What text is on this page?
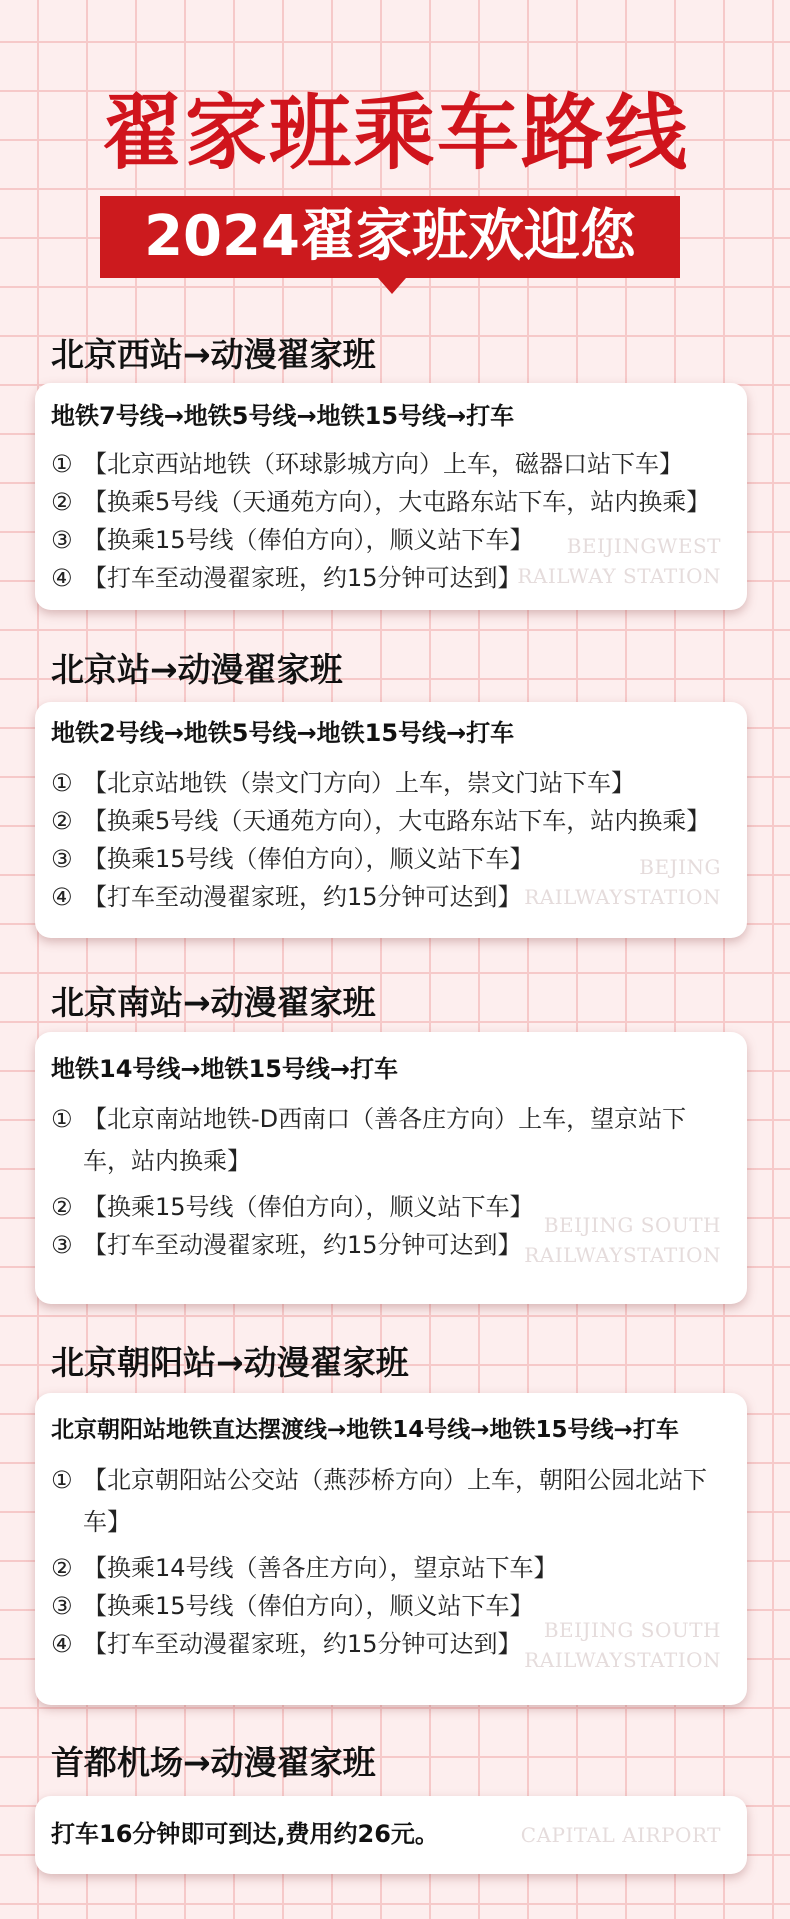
翟家班乘车路线
2024翟家班欢迎您
北京西站→动漫翟家班
地铁7号线→地铁5号线→地铁15号线→打车
① 【北京西站地铁（环球影城方向）上车，磁器口站下车】
② 【换乘5号线（天通苑方向），大屯路东站下车，站内换乘】
③ 【换乘15号线（俸伯方向），顺义站下车】
④ 【打车至动漫翟家班，约15分钟可达到】
BEIJINGWEST
RAILWAY STATION
北京站→动漫翟家班
地铁2号线→地铁5号线→地铁15号线→打车
① 【北京站地铁（崇文门方向）上车，崇文门站下车】
② 【换乘5号线（天通苑方向），大屯路东站下车，站内换乘】
③ 【换乘15号线（俸伯方向），顺义站下车】
④ 【打车至动漫翟家班，约15分钟可达到】
BEJING
RAILWAYSTATION
北京南站→动漫翟家班
地铁14号线→地铁15号线→打车
① 【北京南站地铁-D西南口（善各庄方向）上车，望京站下车，站内换乘】
② 【换乘15号线（俸伯方向），顺义站下车】
③ 【打车至动漫翟家班，约15分钟可达到】
BEIJING SOUTH
RAILWAYSTATION
北京朝阳站→动漫翟家班
北京朝阳站地铁直达摆渡线→地铁14号线→地铁15号线→打车
① 【北京朝阳站公交站（燕莎桥方向）上车，朝阳公园北站下车】
② 【换乘14号线（善各庄方向），望京站下车】
③ 【换乘15号线（俸伯方向），顺义站下车】
④ 【打车至动漫翟家班，约15分钟可达到】	BEIJING SOUTH
RAILWAYSTATION
首都机场→动漫翟家班
打车16分钟即可到达,费用约26元。	CAPITAL AIRPORT
